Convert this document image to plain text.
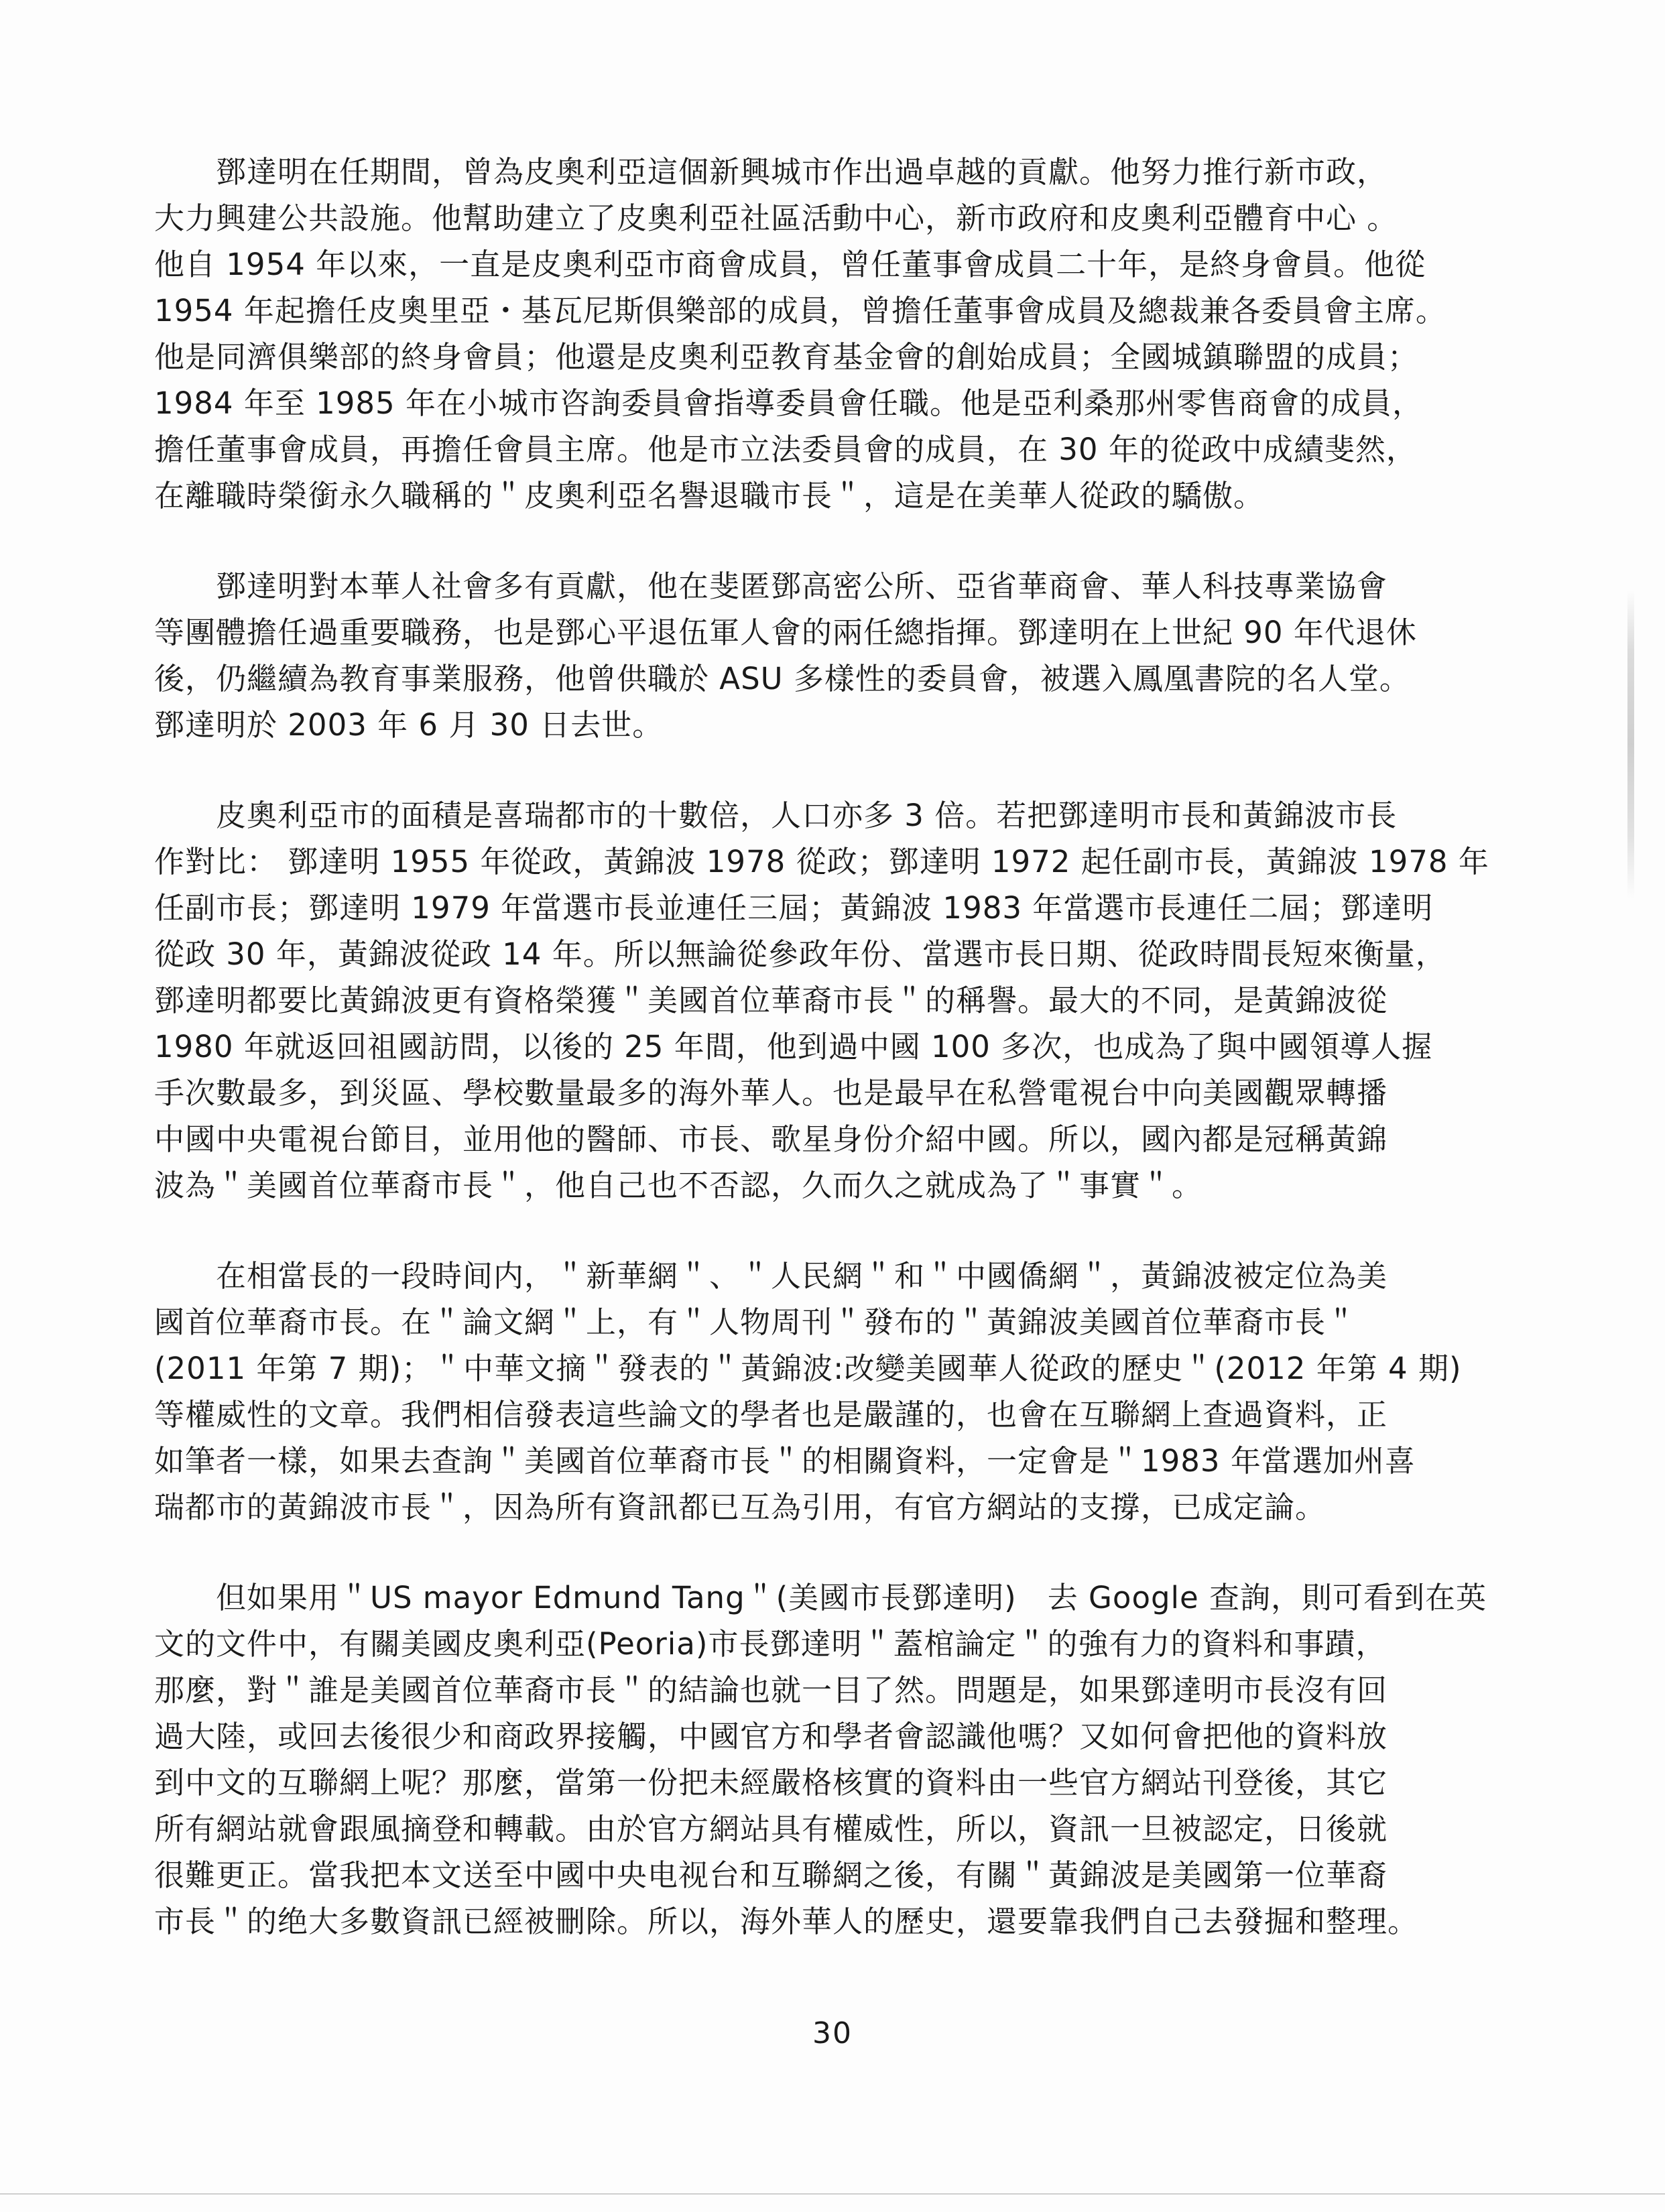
　　鄧達明在任期間，曾為皮奧利亞這個新興城市作出過卓越的貢獻。他努力推行新市政，
大力興建公共設施。他幫助建立了皮奧利亞社區活動中心，新市政府和皮奧利亞體育中心 。
他自 1954 年以來，一直是皮奧利亞市商會成員，曾任董事會成員二十年，是終身會員。他從
1954 年起擔任皮奧里亞・基瓦尼斯俱樂部的成員，曾擔任董事會成員及總裁兼各委員會主席。
他是同濟俱樂部的終身會員；他還是皮奧利亞教育基金會的創始成員；全國城鎮聯盟的成員；
1984 年至 1985 年在小城市咨詢委員會指導委員會任職。他是亞利桑那州零售商會的成員，
擔任董事會成員，再擔任會員主席。他是市立法委員會的成員，在 30 年的從政中成績斐然，
在離職時榮銜永久職稱的＂皮奧利亞名譽退職市長＂，這是在美華人從政的驕傲。
　　鄧達明對本華人社會多有貢獻，他在斐匿鄧高密公所、亞省華商會、華人科技專業協會
等團體擔任過重要職務，也是鄧心平退伍軍人會的兩任總指揮。鄧達明在上世紀 90 年代退休
後，仍繼續為教育事業服務，他曾供職於 ASU 多樣性的委員會，被選入鳳凰書院的名人堂。
鄧達明於 2003 年 6 月 30 日去世。
　　皮奧利亞市的面積是喜瑞都市的十數倍，人口亦多 3 倍。若把鄧達明市長和黃錦波市長
作對比： 鄧達明 1955 年從政，黃錦波 1978 從政；鄧達明 1972 起任副市長，黃錦波 1978 年
任副市長；鄧達明 1979 年當選市長並連任三屆；黃錦波 1983 年當選市長連任二屆；鄧達明
從政 30 年，黃錦波從政 14 年。所以無論從參政年份、當選市長日期、從政時間長短來衡量，
鄧達明都要比黃錦波更有資格榮獲＂美國首位華裔市長＂的稱譽。最大的不同，是黃錦波從
1980 年就返回祖國訪問，以後的 25 年間，他到過中國 100 多次，也成為了與中國領導人握
手次數最多，到災區、學校數量最多的海外華人。也是最早在私營電視台中向美國觀眾轉播
中國中央電視台節目，並用他的醫師、市長、歌星身份介紹中國。所以，國內都是冠稱黃錦
波為＂美國首位華裔市長＂，他自己也不否認，久而久之就成為了＂事實＂。
　　在相當長的一段時间内，＂新華網＂、＂人民網＂和＂中國僑網＂，黃錦波被定位為美
國首位華裔市長。在＂論文網＂上，有＂人物周刊＂發布的＂黃錦波美國首位華裔市長＂
(2011 年第 7 期)；＂中華文摘＂發表的＂黃錦波:改變美國華人從政的歷史＂(2012 年第 4 期)
等權威性的文章。我們相信發表這些論文的學者也是嚴謹的，也會在互聯網上查過資料，正
如筆者一樣，如果去查詢＂美國首位華裔市長＂的相關資料，一定會是＂1983 年當選加州喜
瑞都市的黃錦波市長＂，因為所有資訊都已互為引用，有官方網站的支撐，已成定論。
　　但如果用＂US mayor Edmund Tang＂(美國市長鄧達明)　去 Google 查詢，則可看到在英
文的文件中，有關美國皮奧利亞(Peoria)市長鄧達明＂蓋棺論定＂的強有力的資料和事蹟，
那麼，對＂誰是美國首位華裔市長＂的結論也就一目了然。問題是，如果鄧達明市長沒有回
過大陸，或回去後很少和商政界接觸，中國官方和學者會認識他嗎？又如何會把他的資料放
到中文的互聯網上呢？那麼，當第一份把未經嚴格核實的資料由一些官方網站刊登後，其它
所有網站就會跟風摘登和轉載。由於官方網站具有權威性，所以，資訊一旦被認定，日後就
很難更正。當我把本文送至中國中央电视台和互聯網之後，有關＂黃錦波是美國第一位華裔
市長＂的绝大多數資訊已經被刪除。所以，海外華人的歷史，還要靠我們自己去發掘和整理。
30
